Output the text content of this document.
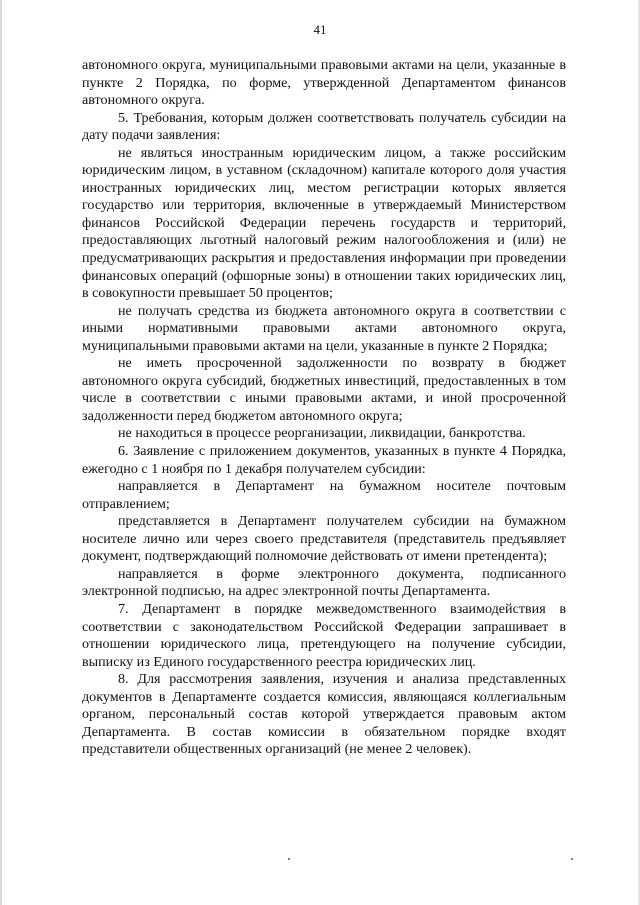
41

автономного округа, муниципальными правовыми актами на цели, указанные в пункте 2 Порядка, по форме, утвержденной Департаментом финансов автономного округа.

5. Требования, которым должен соответствовать получатель субсидии на дату подачи заявления:

не являться иностранным юридическим лицом, а также российским юридическим лицом, в уставном (складочном) капитале которого доля участия иностранных юридических лиц, местом регистрации которых является государство или территория, включенные в утверждаемый Министерством финансов Российской Федерации перечень государств и территорий, предоставляющих льготный налоговый режим налогообложения и (или) не предусматривающих раскрытия и предоставления информации при проведении финансовых операций (офшорные зоны) в отношении таких юридических лиц, в совокупности превышает 50 процентов;

не получать средства из бюджета автономного округа в соответствии с иными нормативными правовыми актами автономного округа, муниципальными правовыми актами на цели, указанные в пункте 2 Порядка;

не иметь просроченной задолженности по возврату в бюджет автономного округа субсидий, бюджетных инвестиций, предоставленных в том числе в соответствии с иными правовыми актами, и иной просроченной задолженности перед бюджетом автономного округа;

не находиться в процессе реорганизации, ликвидации, банкротства.

6. Заявление с приложением документов, указанных в пункте 4 Порядка, ежегодно с 1 ноября по 1 декабря получателем субсидии:

направляется в Департамент на бумажном носителе почтовым отправлением;

представляется в Департамент получателем субсидии на бумажном носителе лично или через своего представителя (представитель предъявляет документ, подтверждающий полномочие действовать от имени претендента);

направляется в форме электронного документа, подписанного электронной подписью, на адрес электронной почты Департамента.

7. Департамент в порядке межведомственного взаимодействия в соответствии с законодательством Российской Федерации запрашивает в отношении юридического лица, претендующего на получение субсидии, выписку из Единого государственного реестра юридических лиц.

8. Для рассмотрения заявления, изучения и анализа представленных документов в Департаменте создается комиссия, являющаяся коллегиальным органом, персональный состав которой утверждается правовым актом Департамента. В состав комиссии в обязательном порядке входят представители общественных организаций (не менее 2 человек).
